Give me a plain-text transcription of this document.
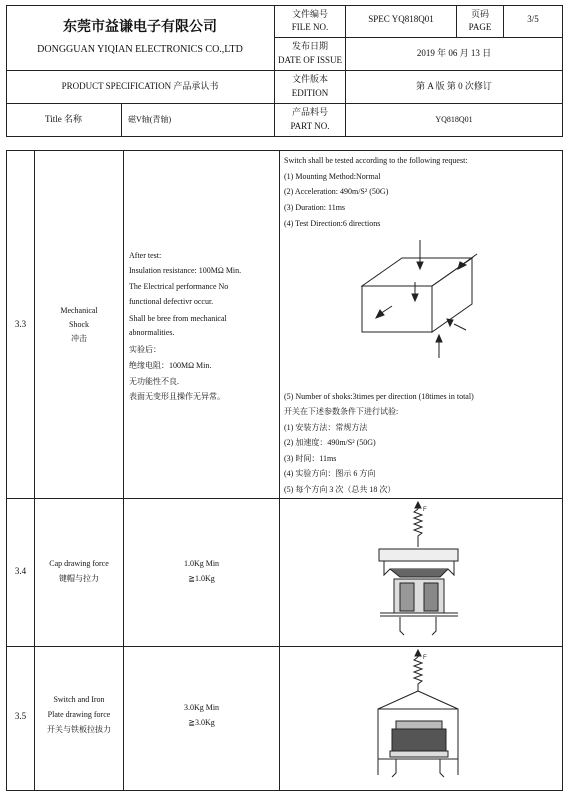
东莞市益谦电子有限公司
DONGGUAN YIQIAN ELECTRONICS CO.,LTD
文件编号
FILE NO.
SPEC YQ818Q01	页码
PAGE
3/5
发布日期
DATE OF ISSUE
2019 年 06 月 13 日
PRODUCT SPECIFICATION 产品承认书
文件版本
EDITION
第 A 版 第 0 次修订
Title 名称	磁V轴(青轴)
产品料号
PART NO.
YQ818Q01
3.3
Mechanical
Shock
冲击
After test:
Insulation resistance: 100MΩ Min.
The Electrical performance No
functional defectivr occur.
Shall be bree from mechanical
abnormalities.
实验后：
绝缘电阻：100MΩ Min.
无功能性不良.
表面无变形且操作无异常。
Switch shall be tested according to the following request:
(1) Mounting Method:Normal
(2) Acceleration: 490m/S² (50G)
(3) Duration: 11ms
(4) Test Direction:6 directions
(5) Number of shoks:3times per direction (18times in total)
开关在下述参数条件下进行试验:
(1) 安装方法：常规方法
(2) 加速度：490m/S² (50G)
(3) 时间：11ms
(4) 实验方向：图示 6 方向
(5) 每个方向 3 次（总共 18 次）
3.4
Cap drawing force
键帽与拉力
1.0Kg Min
≧1.0Kg
F
3.5
Switch and Iron
Plate drawing force
开关与铁板拉拔力
3.0Kg Min
≧3.0Kg
F
